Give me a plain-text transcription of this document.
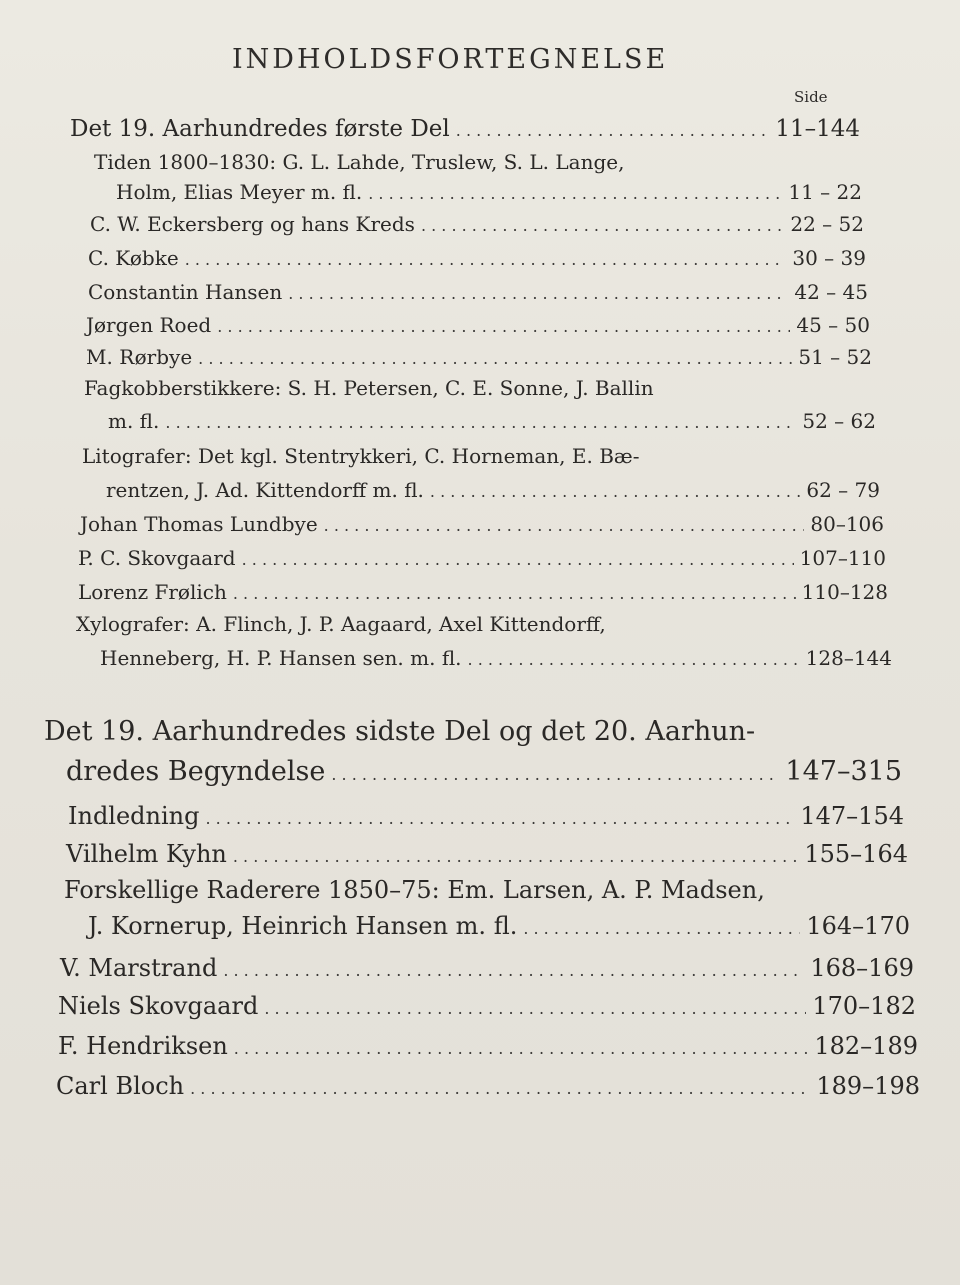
INDHOLDSFORTEGNELSE
Side
Det 19. Aarhundredes første Del . . .	11–144
Tiden 1800–1830: G. L. Lahde, Truslew, S. L. Lange,
Holm, Elias Meyer m. fl. . . .	11 – 22
C. W. Eckersberg og hans Kreds . . .	22 – 52
C. Købke . . .	30 – 39
Constantin Hansen . . .	42 – 45
Jørgen Roed . . .	45 – 50
M. Rørbye . . .	51 – 52
Fagkobberstikkere: S. H. Petersen, C. E. Sonne, J. Ballin
m. fl. . . .	52 – 62
Litografer: Det kgl. Stentrykkeri, C. Horneman, E. Bæ-
rentzen, J. Ad. Kittendorff m. fl. . . .	62 – 79
Johan Thomas Lundbye . . .	80–106
P. C. Skovgaard . . .	107–110
Lorenz Frølich . . .	110–128
Xylografer: A. Flinch, J. P. Aagaard, Axel Kittendorff,
Henneberg, H. P. Hansen sen. m. fl. . . .	128–144
Det 19. Aarhundredes sidste Del og det 20. Aarhun-
dredes Begyndelse . . .	147–315
Indledning . . .	147–154
Vilhelm Kyhn . . .	155–164
Forskellige Raderere 1850–75: Em. Larsen, A. P. Madsen,
J. Kornerup, Heinrich Hansen m. fl. . . .	164–170
V. Marstrand . . .	168–169
Niels Skovgaard . . .	170–182
F. Hendriksen . . .	182–189
Carl Bloch . . .	189–198
